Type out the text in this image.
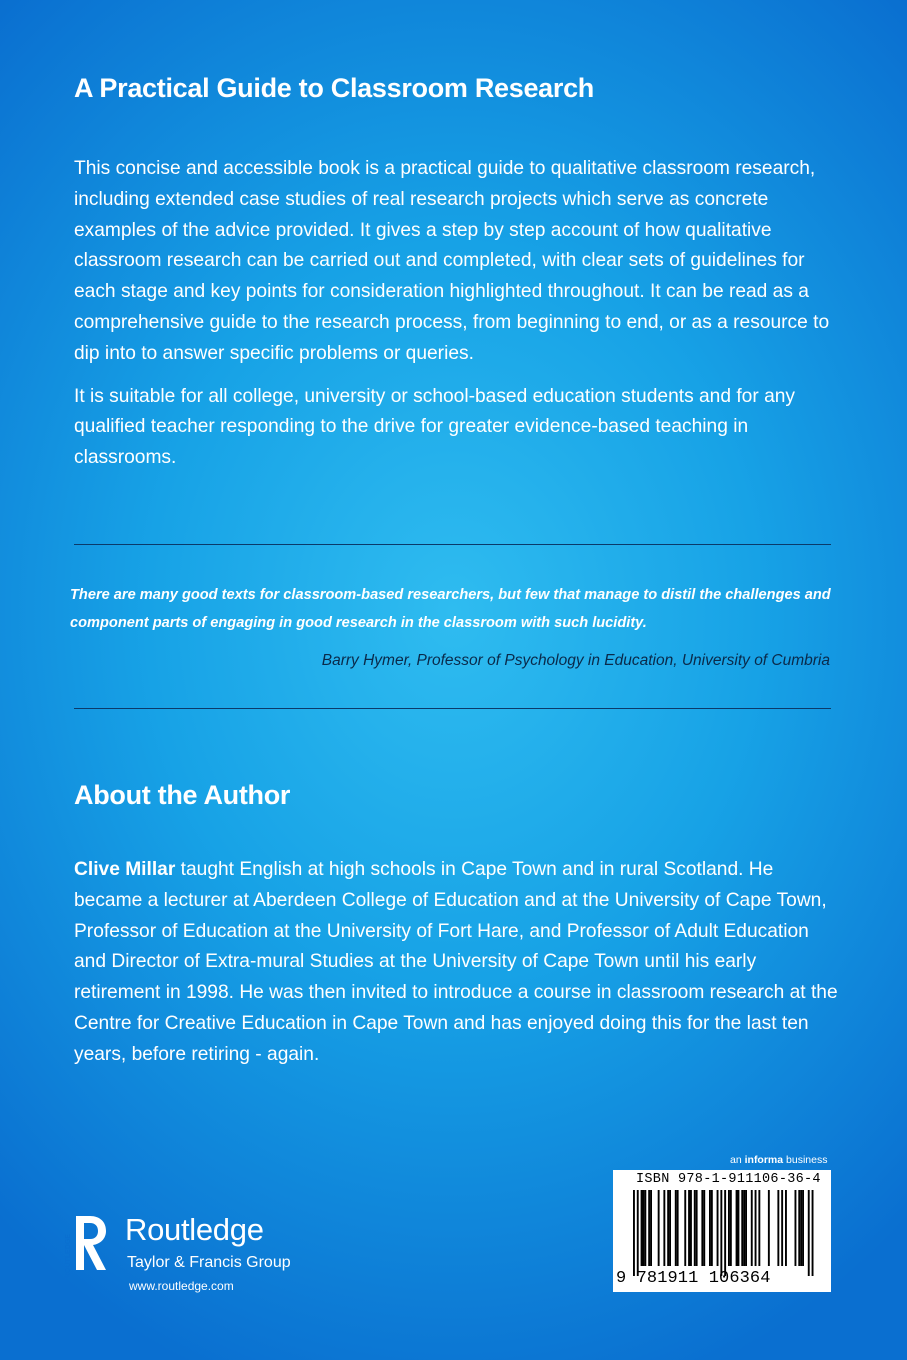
A Practical Guide to Classroom Research

This concise and accessible book is a practical guide to qualitative classroom research, including extended case studies of real research projects which serve as concrete examples of the advice provided. It gives a step by step account of how qualitative classroom research can be carried out and completed, with clear sets of guidelines for each stage and key points for consideration highlighted throughout. It can be read as a comprehensive guide to the research process, from beginning to end, or as a resource to dip into to answer specific problems or queries.

It is suitable for all college, university or school-based education students and for any qualified teacher responding to the drive for greater evidence-based teaching in classrooms.

There are many good texts for classroom-based researchers, but few that manage to distil the challenges and component parts of engaging in good research in the classroom with such lucidity.
Barry Hymer, Professor of Psychology in Education, University of Cumbria
About the Author

Clive Millar taught English at high schools in Cape Town and in rural Scotland. He became a lecturer at Aberdeen College of Education and at the University of Cape Town, Professor of Education at the University of Fort Hare, and Professor of Adult Education and Director of Extra-mural Studies at the University of Cape Town until his early retirement in 1998. He was then invited to introduce a course in classroom research at the Centre for Creative Education in Cape Town and has enjoyed doing this for the last ten years, before retiring - again.

ROUTLEDGE
Routledge
Taylor & Francis Group
www.routledge.com
an informa business
ISBN 978-1-911106-36-4
9 781911 106364
